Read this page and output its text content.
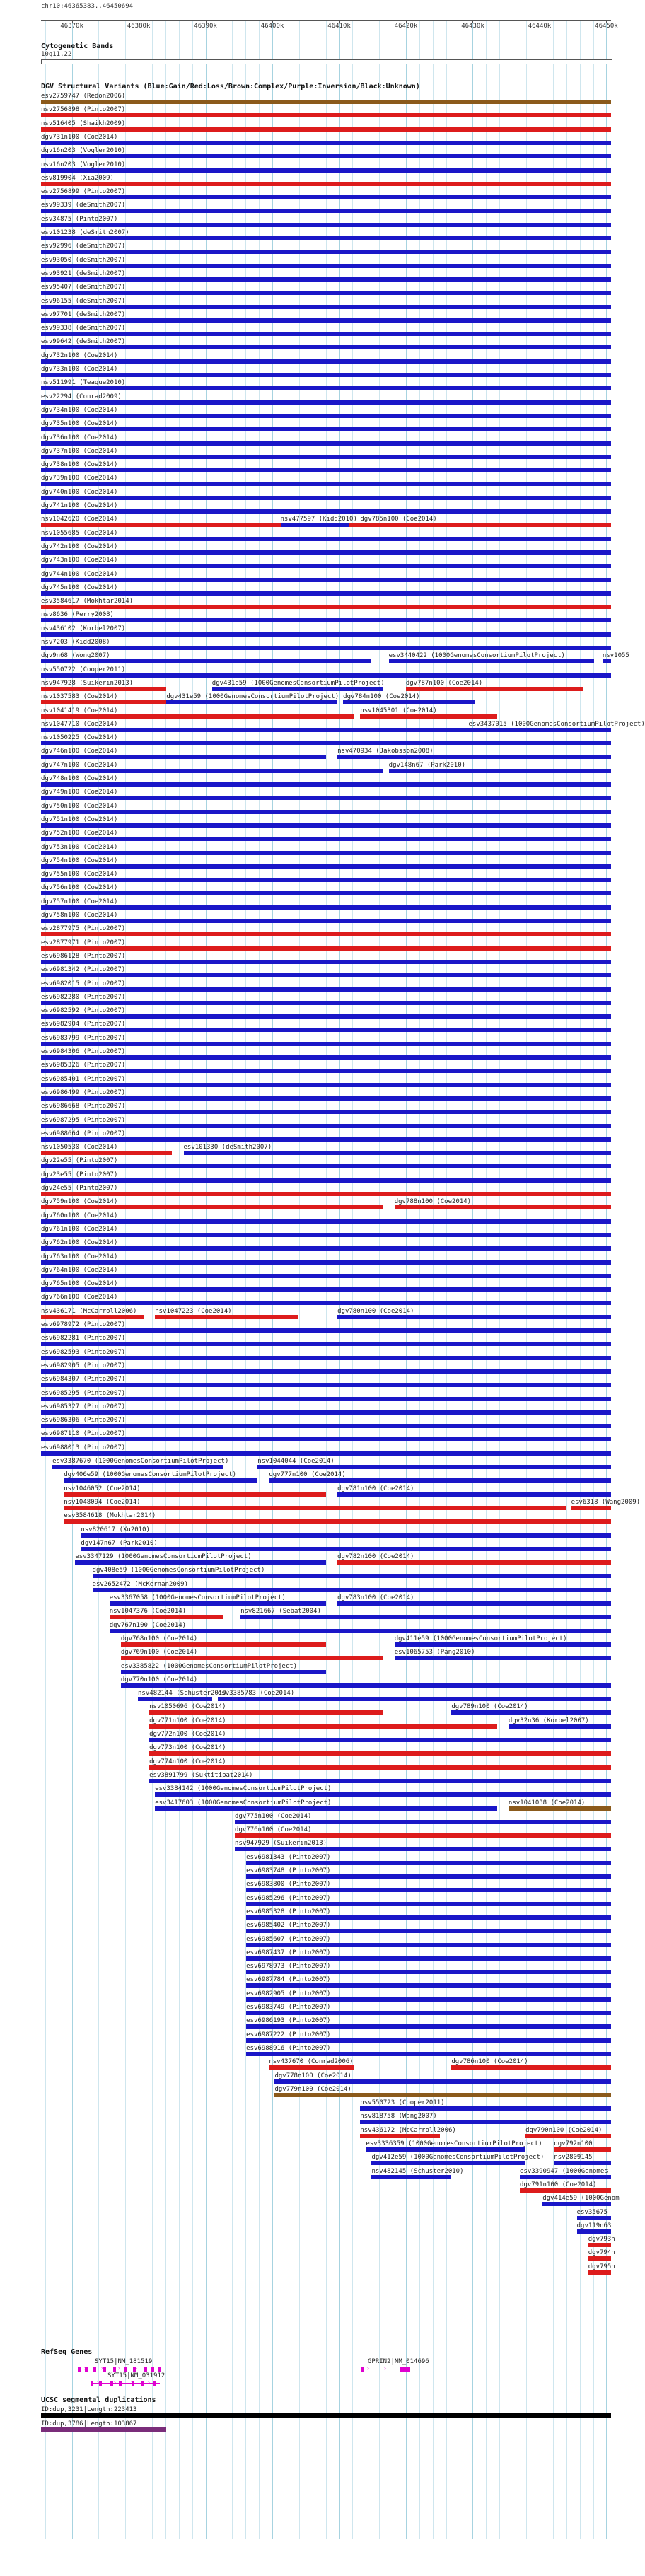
chr10:46365383..46450694
46370k	46380k	46390k	46400k	46410k	46420k	46430k	46440k	46450k
Cytogenetic Bands
10q11.22
DGV Structural Variants (Blue:Gain/Red:Loss/Brown:Complex/Purple:Inversion/Black:Unknown)
esv2759747 (Redon2006)
nsv2756898 (Pinto2007)
nsv516405 (Shaikh2009)
dgv731n100 (Coe2014)
dgv16n203 (Vogler2010)
nsv16n203 (Vogler2010)
esv819904 (Xia2009)
esv2756899 (Pinto2007)
esv99339 (deSmith2007)
esv34875 (Pinto2007)
esv101238 (deSmith2007)
esv92996 (deSmith2007)
esv93050 (deSmith2007)
esv93921 (deSmith2007)
esv95407 (deSmith2007)
esv96155 (deSmith2007)
esv97701 (deSmith2007)
esv99338 (deSmith2007)
esv99642 (deSmith2007)
dgv732n100 (Coe2014)
dgv733n100 (Coe2014)
nsv511991 (Teague2010)
esv22294 (Conrad2009)
dgv734n100 (Coe2014)
dgv735n100 (Coe2014)
dgv736n100 (Coe2014)
dgv737n100 (Coe2014)
dgv738n100 (Coe2014)
dgv739n100 (Coe2014)
dgv740n100 (Coe2014)
dgv741n100 (Coe2014)
nsv1042620 (Coe2014)	nsv477597 (Kidd2010) dgv785n100 (Coe2014)
nsv1055685 (Coe2014)
dgv742n100 (Coe2014)
dgv743n100 (Coe2014)
dgv744n100 (Coe2014)
dgv745n100 (Coe2014)
esv3584617 (Mokhtar2014)
nsv8636 (Perry2008)
nsv436102 (Korbel2007)
nsv7203 (Kidd2008)
dgv9n68 (Wong2007)	esv3440422 (1000GenomesConsortiumPilotProject)	nsv1055
nsv550722 (Cooper2011)
nsv947928 (Suikerin2013)	dgv431e59 (1000GenomesConsortiumPilotProject)	dgv787n100 (Coe2014)
nsv1037583 (Coe2014)	dgv431e59 (1000GenomesConsortiumPilotProject) dgv784n100 (Coe2014)
nsv1041419 (Coe2014)	nsv1045301 (Coe2014)
nsv1047710 (Coe2014)	esv3437015 (1000GenomesConsortiumPilotProject)
nsv1050225 (Coe2014)
dgv746n100 (Coe2014)	nsv470934 (Jakobsson2008)
dgv747n100 (Coe2014)	dgv148n67 (Park2010)
dgv748n100 (Coe2014)
dgv749n100 (Coe2014)
dgv750n100 (Coe2014)
dgv751n100 (Coe2014)
dgv752n100 (Coe2014)
dgv753n100 (Coe2014)
dgv754n100 (Coe2014)
dgv755n100 (Coe2014)
dgv756n100 (Coe2014)
dgv757n100 (Coe2014)
dgv758n100 (Coe2014)
esv2877975 (Pinto2007)
esv2877971 (Pinto2007)
esv6986128 (Pinto2007)
esv6981342 (Pinto2007)
esv6982015 (Pinto2007)
esv6982280 (Pinto2007)
esv6982592 (Pinto2007)
esv6982904 (Pinto2007)
esv6983799 (Pinto2007)
esv6984306 (Pinto2007)
esv6985326 (Pinto2007)
esv6985401 (Pinto2007)
esv6986499 (Pinto2007)
esv6986668 (Pinto2007)
esv6987295 (Pinto2007)
esv6988664 (Pinto2007)
nsv1050530 (Coe2014)	esv101330 (deSmith2007)
dgv22e55 (Pinto2007)
dgv23e55 (Pinto2007)
dgv24e55 (Pinto2007)
dgv759n100 (Coe2014)	dgv788n100 (Coe2014)
dgv760n100 (Coe2014)
dgv761n100 (Coe2014)
dgv762n100 (Coe2014)
dgv763n100 (Coe2014)
dgv764n100 (Coe2014)
dgv765n100 (Coe2014)
dgv766n100 (Coe2014)
nsv436171 (McCarroll2006)	nsv1047223 (Coe2014)	dgv780n100 (Coe2014)
esv6978972 (Pinto2007)
esv6982281 (Pinto2007)
esv6982593 (Pinto2007)
esv6982905 (Pinto2007)
esv6984307 (Pinto2007)
esv6985295 (Pinto2007)
esv6985327 (Pinto2007)
esv6986306 (Pinto2007)
esv6987110 (Pinto2007)
esv6988013 (Pinto2007)
esv3387670 (1000GenomesConsortiumPilotProject)	nsv1044044 (Coe2014)
dgv406e59 (1000GenomesConsortiumPilotProject)	dgv777n100 (Coe2014)
nsv1046052 (Coe2014)	dgv781n100 (Coe2014)
nsv1048094 (Coe2014)	esv6318 (Wang2009)
esv3584618 (Mokhtar2014)
nsv820617 (Xu2010)
dgv147n67 (Park2010)
esv3347129 (1000GenomesConsortiumPilotProject)	dgv782n100 (Coe2014)
dgv408e59 (1000GenomesConsortiumPilotProject)
esv2652472 (McKernan2009)
esv3367058 (1000GenomesConsortiumPilotProject)	dgv783n100 (Coe2014)
nsv1047376 (Coe2014)	nsv821667 (Sebat2004)
dgv767n100 (Coe2014)
dgv768n100 (Coe2014)	dgv411e59 (1000GenomesConsortiumPilotProject)
dgv769n100 (Coe2014)	esv1065753 (Pang2010)
esv3385822 (1000GenomesConsortiumPilotProject)
dgv770n100 (Coe2014)
nsv482144 (Schuster2010)
esv3385783 (Coe2014)
nsv1050696 (Coe2014)	dgv789n100 (Coe2014)
dgv771n100 (Coe2014)	dgv32n36 (Korbel2007)
dgv772n100 (Coe2014)
dgv773n100 (Coe2014)
dgv774n100 (Coe2014)
esv3891799 (Suktitipat2014)
esv3384142 (1000GenomesConsortiumPilotProject)
esv3417603 (1000GenomesConsortiumPilotProject)	nsv1041038 (Coe2014)
dgv775n100 (Coe2014)
dgv776n100 (Coe2014)
nsv947929 (Suikerin2013)
esv6981343 (Pinto2007)
esv6983748 (Pinto2007)
esv6983800 (Pinto2007)
esv6985296 (Pinto2007)
esv6985328 (Pinto2007)
esv6985402 (Pinto2007)
esv6985607 (Pinto2007)
esv6987437 (Pinto2007)
esv6978973 (Pinto2007)
esv6987784 (Pinto2007)
esv6982905 (Pinto2007)
esv6983749 (Pinto2007)
esv6986193 (Pinto2007)
esv6987222 (Pinto2007)
esv6988916 (Pinto2007)
nsv437670 (Conrad2006)	dgv786n100 (Coe2014)
dgv778n100 (Coe2014)
dgv779n100 (Coe2014)
nsv550723 (Cooper2011)
nsv818758 (Wang2007)
nsv436172 (McCarroll2006)	dgv790n100 (Coe2014)
esv3336359 (1000GenomesConsortiumPilotProject) dgv792n100
dgv412e59 (1000GenomesConsortiumPilotProject) nsv2809145
nsv482145 (Schuster2010)	esv3390947 (1000Genomes
dgv791n100 (Coe2014)
dgv414e59 (1000Genom
esv35675
dgv119n63
dgv793n
dgv794n
dgv795n
RefSeq Genes
SYT15|NM_181519
› › › › ›
SYT15|NM_031912
› › › ›
GPRIN2|NM_014696
› › ›
UCSC segmental duplications
ID:dup,3231|Length:223413
ID:dup,3786|Length:103867
